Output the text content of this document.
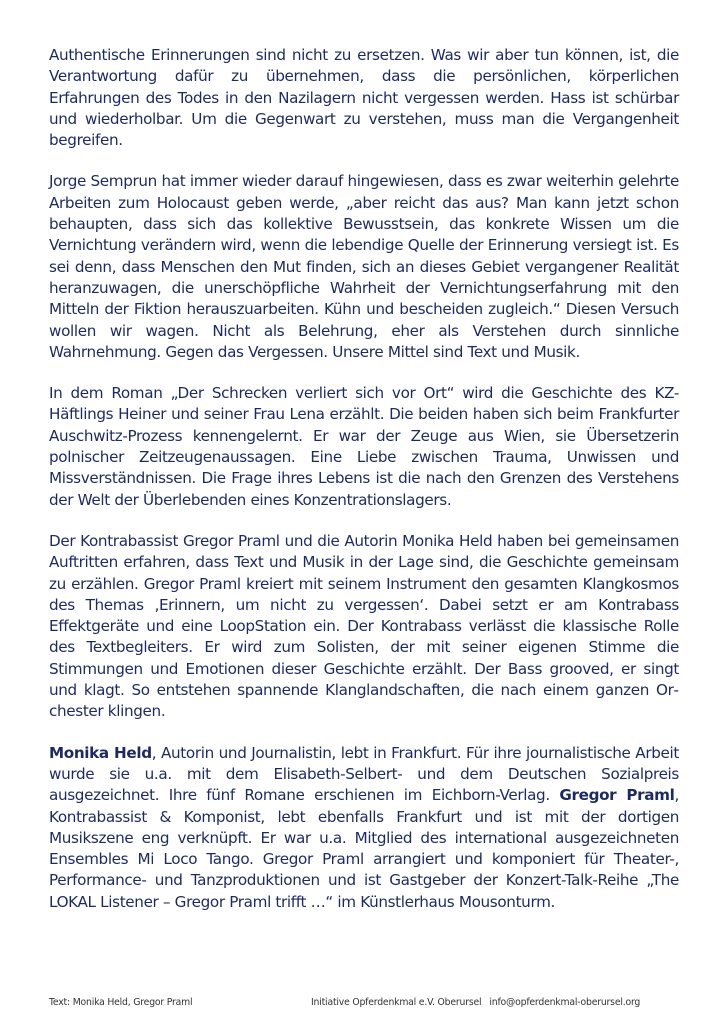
Authentische Erinnerungen sind nicht zu ersetzen. Was wir aber tun können, ist, die Verantwortung dafür zu übernehmen, dass die persönlichen, körperlichen Erfahrungen des Todes in den Nazilagern nicht vergessen werden. Hass ist schürbar und wiederholbar. Um die Gegenwart zu verstehen, muss man die Vergangenheit begreifen.

Jorge Semprun hat immer wieder darauf hingewiesen, dass es zwar weiterhin gelehrte Arbeiten zum Holocaust geben werde, „aber reicht das aus? Man kann jetzt schon behaupten, dass sich das kollektive Bewusstsein, das konkrete Wissen um die Vernichtung verändern wird, wenn die lebendige Quelle der Erinnerung versiegt ist. Es sei denn, dass Menschen den Mut finden, sich an dieses Gebiet vergangener Realität heranzuwagen, die unerschöpfliche Wahrheit der Vernichtungserfahrung mit den Mitteln der Fiktion herauszuarbeiten. Kühn und bescheiden zugleich.“ Diesen Versuch wollen wir wagen. Nicht als Belehrung, eher als Verstehen durch sinnliche Wahrnehmung. Gegen das Vergessen. Unsere Mittel sind Text und Musik.

In dem Roman „Der Schrecken verliert sich vor Ort“ wird die Geschichte des KZ-Häftlings Heiner und seiner Frau Lena erzählt. Die beiden haben sich beim Frankfurter Auschwitz-Prozess kennengelernt. Er war der Zeuge aus Wien, sie Übersetzerin polnischer Zeitzeugenaussagen. Eine Liebe zwischen Trauma, Unwissen und Missverständnissen. Die Frage ihres Lebens ist die nach den Grenzen des Verstehens der Welt der Überlebenden eines Konzentrationslagers.

Der Kontrabassist Gregor Praml und die Autorin Monika Held haben bei gemeinsamen Auftritten erfahren, dass Text und Musik in der Lage sind, die Geschichte gemeinsam zu erzählen. Gregor Praml kreiert mit seinem Instrument den gesamten Klangkosmos des Themas ‚Erinnern, um nicht zu vergessen‘. Dabei setzt er am Kontrabass Effektgeräte und eine LoopStation ein. Der Kontrabass verlässt die klassische Rolle des Textbegleiters. Er wird zum Solisten, der mit seiner eigenen Stimme die Stimmungen und Emotionen dieser Geschichte erzählt. Der Bass grooved, er singt und klagt. So entstehen spannende Klanglandschaften, die nach einem ganzen Orchester klingen.

Monika Held, Autorin und Journalistin, lebt in Frankfurt. Für ihre journalistische Arbeit wurde sie u.a. mit dem Elisabeth-Selbert- und dem Deutschen Sozialpreis ausgezeichnet. Ihre fünf Romane erschienen im Eichborn-Verlag. Gregor Praml, Kontrabassist & Komponist, lebt ebenfalls Frankfurt und ist mit der dortigen Musikszene eng verknüpft. Er war u.a. Mitglied des international ausgezeichneten Ensembles Mi Loco Tango. Gregor Praml arrangiert und komponiert für Theater-, Performance- und Tanzproduktionen und ist Gastgeber der Konzert-Talk-Reihe „The LOKAL Listener – Gregor Praml trifft …“ im Künstlerhaus Mousonturm.

Text: Monika Held, Gregor Praml	Initiative Opferdenkmal e.V. Oberursel info@opferdenkmal-oberursel.org
